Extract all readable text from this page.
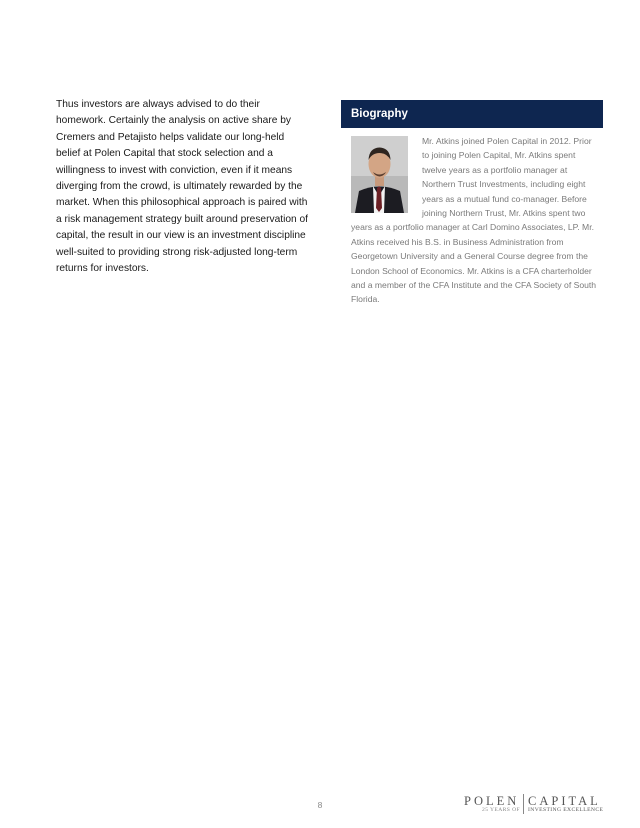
Thus investors are always advised to do their homework. Certainly the analysis on active share by Cremers and Petajisto helps validate our long-held belief at Polen Capital that stock selection and a willingness to invest with conviction, even if it means diverging from the crowd, is ultimately rewarded by the market. When this philosophical approach is paired with a risk management strategy built around preservation of capital, the result in our view is an investment discipline well-suited to providing strong risk-adjusted long-term returns for investors.

Biography
Mr. Atkins joined Polen Capital in 2012. Prior to joining Polen Capital, Mr. Atkins spent twelve years as a portfolio manager at Northern Trust Investments, including eight years as a mutual fund co-manager. Before joining Northern Trust, Mr. Atkins spent two years as a portfolio manager at Carl Domino Associates, LP. Mr. Atkins received his B.S. in Business Administration from Georgetown University and a General Course degree from the London School of Economics. Mr. Atkins is a CFA charterholder and a member of the CFA Institute and the CFA Society of South Florida.
8	POLEN CAPITAL
25 YEARS OF INVESTING EXCELLENCE
